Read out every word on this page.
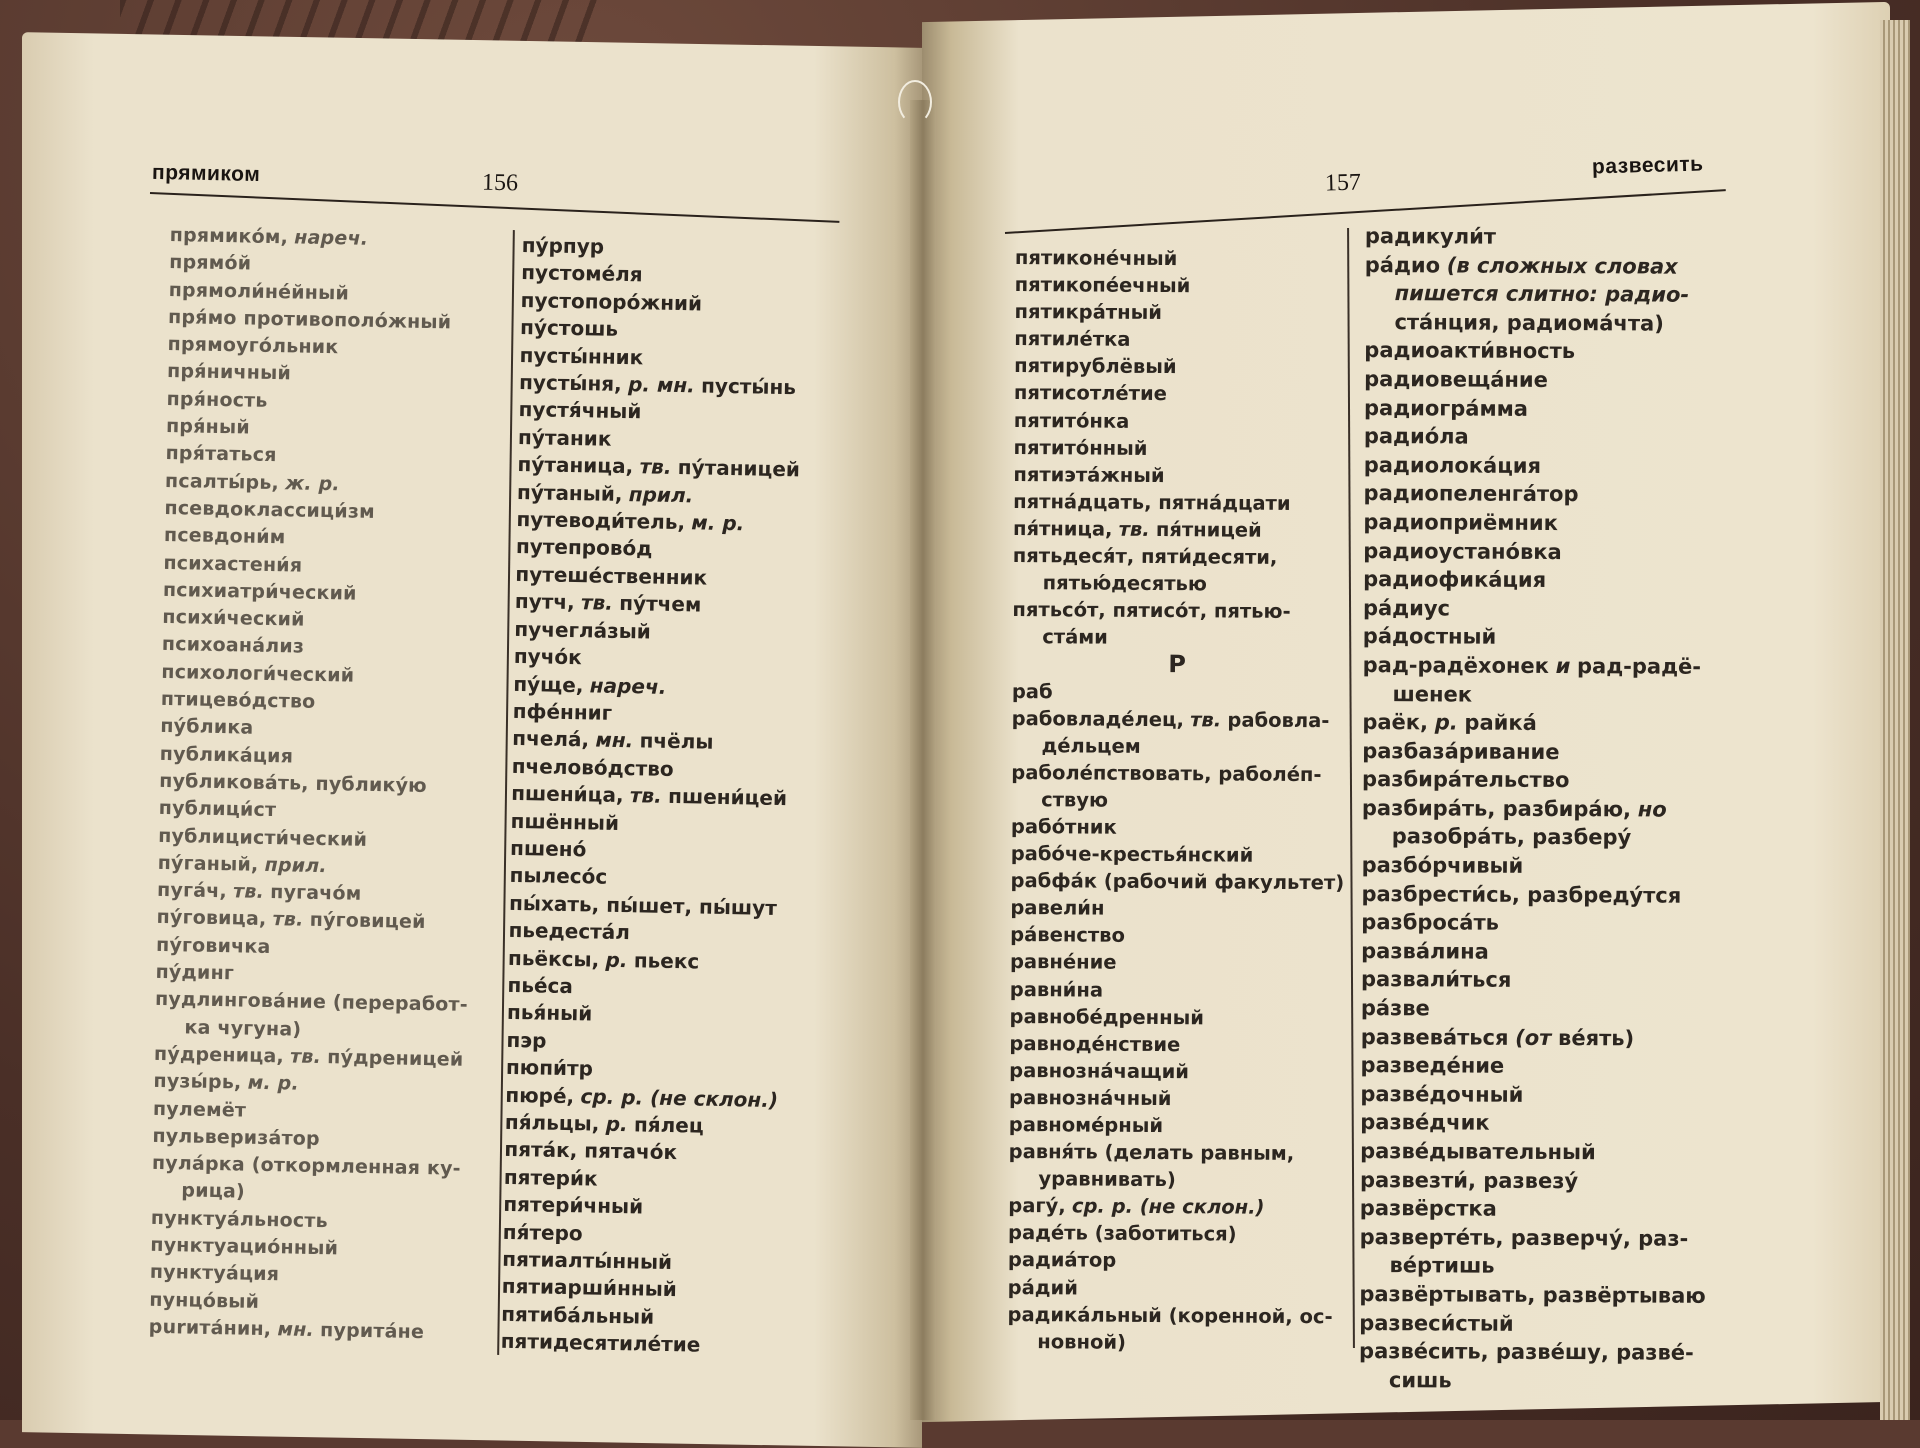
прямиком	156	157
развесить
прямико́м, нареч.
прямо́й
прямоли́не́йный
пря́мо противополо́жный
прямоуго́льник
пря́ничный
пря́ность
пря́ный
пря́таться
псалты́рь, ж. р.
псевдоклассици́зм
псевдони́м
психастени́я
психиатри́ческий
психи́ческий
психоана́лиз
психологи́ческий
птицево́дство
пу́блика
публика́ция
публикова́ть, публику́ю
публици́ст
публицисти́ческий
пу́ганый, прил.
пуга́ч, тв. пугачо́м
пу́говица, тв. пу́говицей
пу́говичка
пу́динг
пудлингова́ние (переработ-
ка чугуна)
пу́дреница, тв. пу́дреницей
пузы́рь, м. р.
пулемёт
пульвериза́тор
пула́рка (откормленная ку-
рица)
пунктуа́льность
пунктуацио́нный
пунктуа́ция
пунцо́вый
purита́нин, мн. пурита́не
пу́рпур
пустоме́ля
пустопоро́жний
пу́стошь
пусты́нник
пусты́ня, р. мн. пусты́нь
пустя́чный
пу́таник
пу́таница, тв. пу́таницей
пу́таный, прил.
путеводи́тель, м. р.
путепрово́д
путеше́ственник
путч, тв. пу́тчем
пучегла́зый
пучо́к
пу́ще, нареч.
пфе́нниг
пчела́, мн. пчёлы
пчелово́дство
пшени́ца, тв. пшени́цей
пшённый
пшено́
пылесо́с
пы́хать, пы́шет, пы́шут
пьедеста́л
пьёксы, р. пьекс
пье́са
пья́ный
пэр
пюпи́тр
пюре́, ср. р. (не склон.)
пя́льцы, р. пя́лец
пята́к, пятачо́к
пятери́к
пятери́чный
пя́теро
пятиалты́нный
пятиарши́нный
пятиба́льный
пятидесятиле́тие
пятиконе́чный
пятикопе́ечный
пятикра́тный
пятиле́тка
пятирублёвый
пятисотле́тие
пятито́нка
пятито́нный
пятиэта́жный
пятна́дцать, пятна́дцати
пя́тница, тв. пя́тницей
пятьдеся́т, пяти́десяти,
пятью́десятью
пятьсо́т, пятисо́т, пятью-
ста́ми
Р
раб
рабовладе́лец, тв. рабовла-
де́льцем
раболе́пствовать, раболе́п-
ствую
рабо́тник
рабо́че-крестья́нский
рабфа́к (рабочий факультет)
равели́н
ра́венство
равне́ние
равни́на
равнобе́дренный
равноде́нствие
равнозна́чащий
равнозна́чный
равноме́рный
равня́ть (делать равным,
уравнивать)
рагу́, ср. р. (не склон.)
раде́ть (заботиться)
радиа́тор
ра́дий
радика́льный (коренной, ос-
новной)
радикули́т
ра́дио (в сложных словах
пишется слитно: радио-
ста́нция, радиома́чта)
радиоакти́вность
радиовеща́ние
радиогра́мма
радио́ла
радиолока́ция
радиопеленга́тор
радиоприёмник
радиоустано́вка
радиофика́ция
ра́диус
ра́достный
рад-радёхонек и рад-радё-
шенек
раёк, р. райка́
разбаза́ривание
разбира́тельство
разбира́ть, разбира́ю, но
разобра́ть, разберу́
разбо́рчивый
разбрести́сь, разбреду́тся
разброса́ть
разва́лина
развали́ться
ра́зве
развева́ться (от ве́ять)
разведе́ние
разве́дочный
разве́дчик
разве́дывательный
развезти́, развезу́
развёрстка
разверте́ть, разверчу́, раз-
ве́ртишь
развёртывать, развёртываю
развеси́стый
разве́сить, разве́шу, разве́-
сишь
